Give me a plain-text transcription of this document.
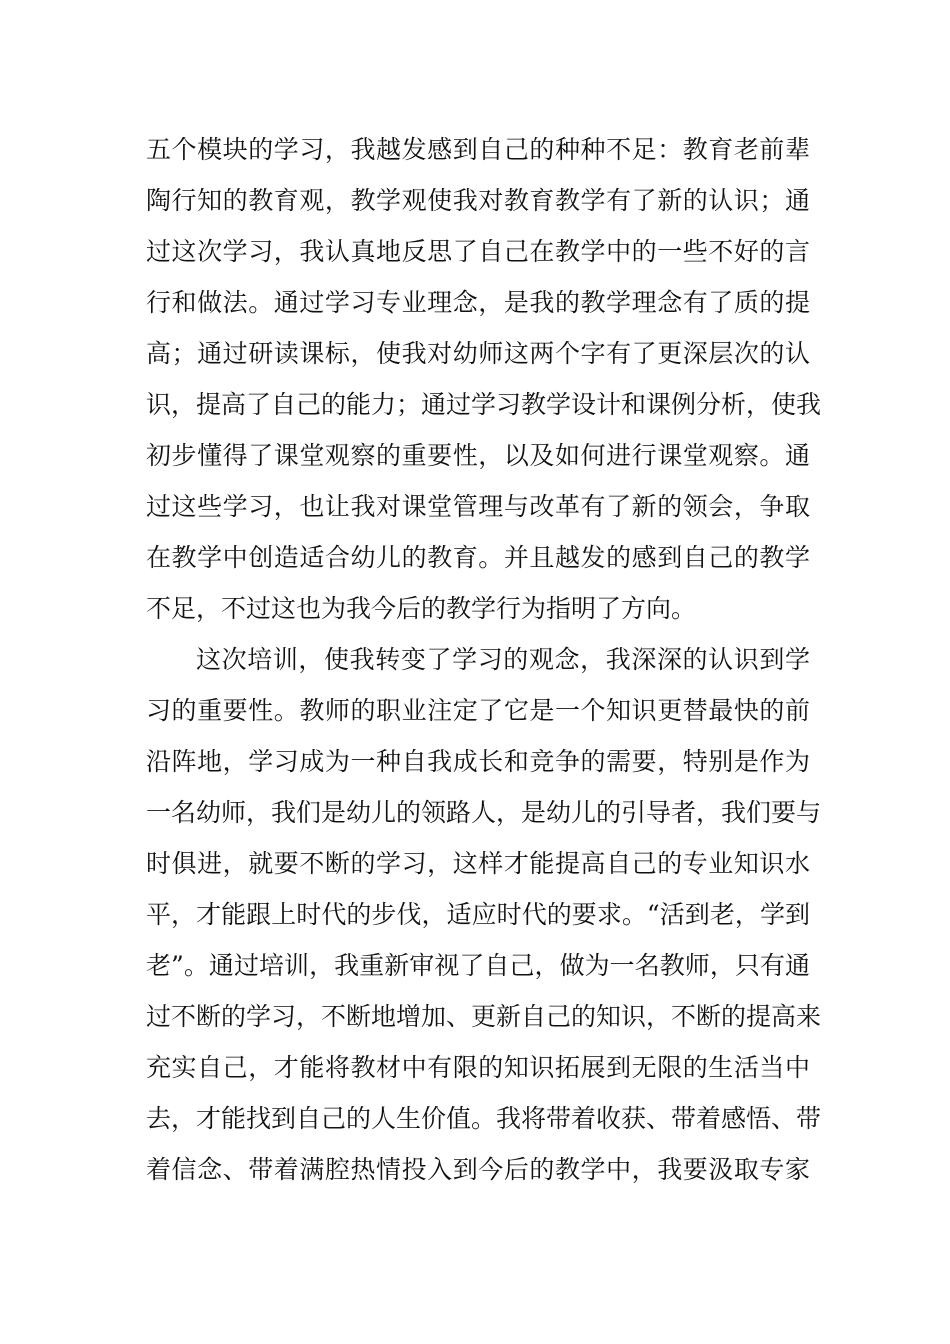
五个模块的学习，我越发感到自己的种种不足：教育老前辈
陶行知的教育观，教学观使我对教育教学有了新的认识；通
过这次学习，我认真地反思了自己在教学中的一些不好的言
行和做法。通过学习专业理念，是我的教学理念有了质的提
高；通过研读课标，使我对幼师这两个字有了更深层次的认
识，提高了自己的能力；通过学习教学设计和课例分析，使我
初步懂得了课堂观察的重要性，以及如何进行课堂观察。通
过这些学习，也让我对课堂管理与改革有了新的领会，争取
在教学中创造适合幼儿的教育。并且越发的感到自己的教学
不足，不过这也为我今后的教学行为指明了方向。
这次培训，使我转变了学习的观念，我深深的认识到学
习的重要性。教师的职业注定了它是一个知识更替最快的前
沿阵地，学习成为一种自我成长和竞争的需要，特别是作为
一名幼师，我们是幼儿的领路人，是幼儿的引导者，我们要与
时俱进，就要不断的学习，这样才能提高自己的专业知识水
平，才能跟上时代的步伐，适应时代的要求。“活到老，学到
老”。通过培训，我重新审视了自己，做为一名教师，只有通
过不断的学习，不断地增加、更新自己的知识，不断的提高来
充实自己，才能将教材中有限的知识拓展到无限的生活当中
去，才能找到自己的人生价值。我将带着收获、带着感悟、带
着信念、带着满腔热情投入到今后的教学中，我要汲取专家
